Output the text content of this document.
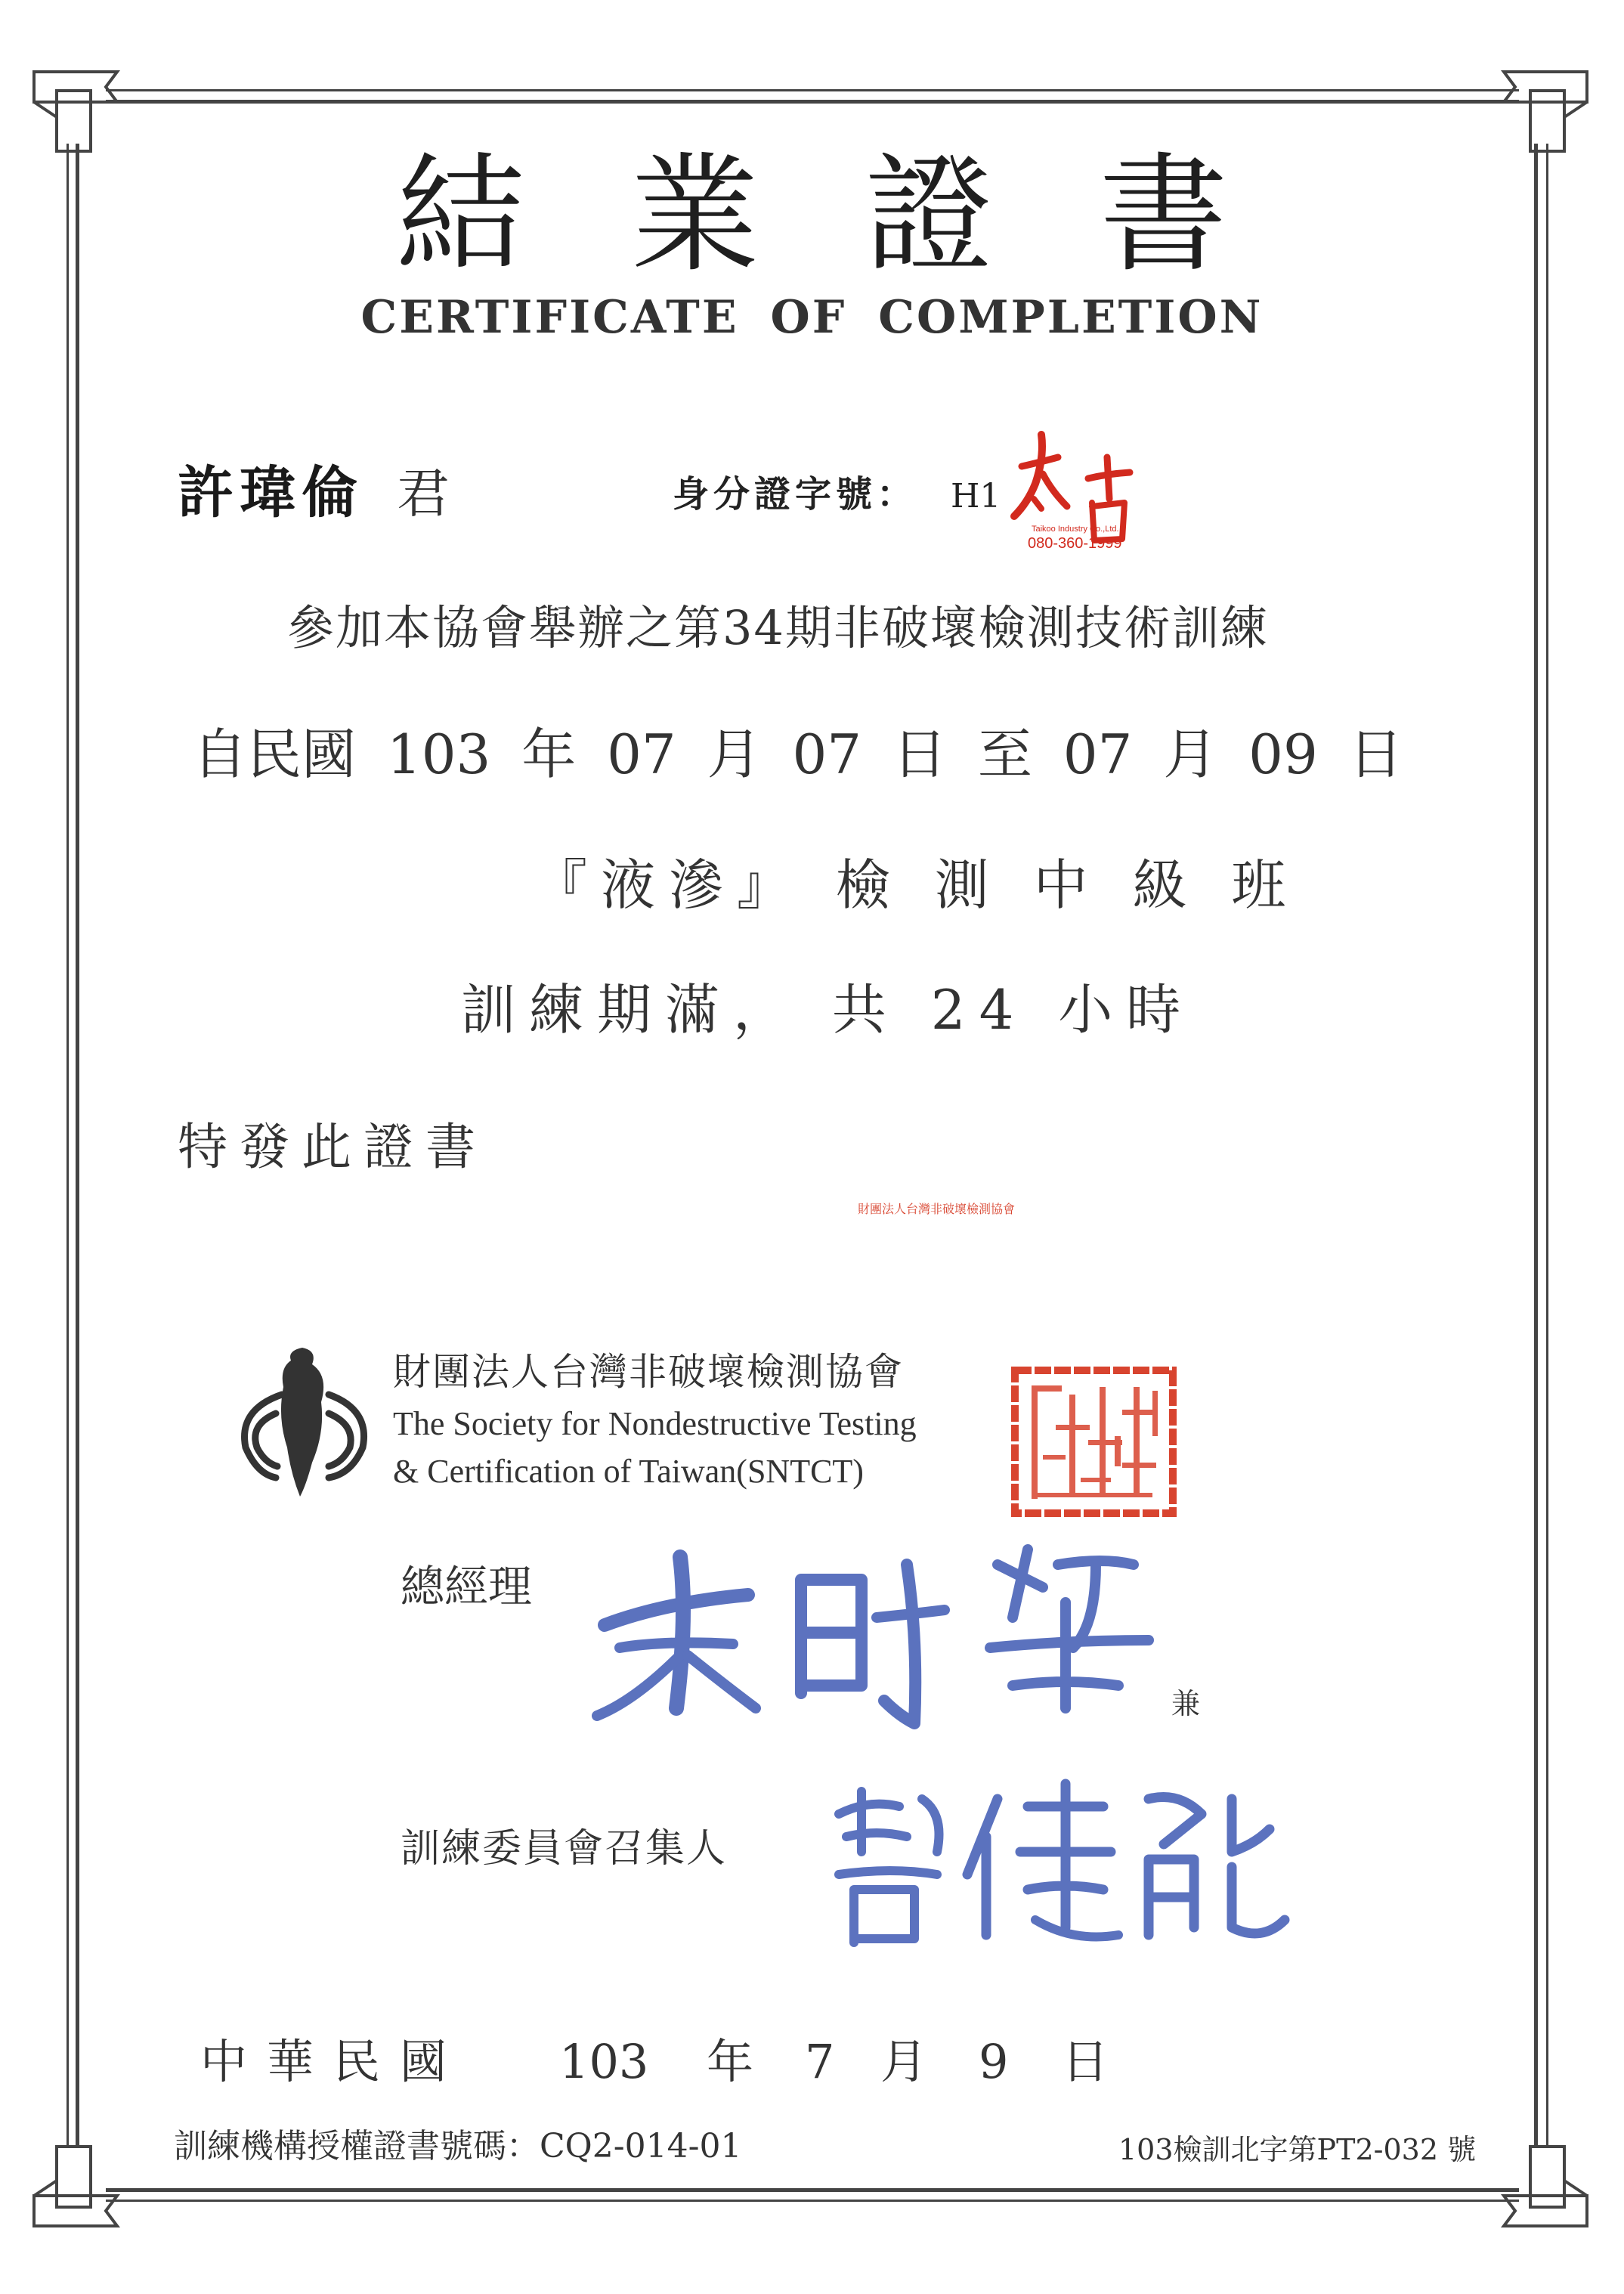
結業證書
CERTIFICATE OF COMPLETION
許瑋倫 君	身分證字號： H1
Taikoo Industry Co.,Ltd.
080-360-1999
參加本協會舉辦之第34期非破壞檢測技術訓練
自民國 103 年 07 月 07 日 至 07 月 09 日
『液滲』 檢 測 中 級 班
訓練期滿， 共 24 小時
特發此證書
財團法人台灣非破壞檢測協會
The Society for Nondestructive Testing
& Certification of Taiwan(SNTCT)
財團法人台灣非破壞檢測協會
總經理
兼
訓練委員會召集人
中華民國 103 年 7 月 9 日
訓練機構授權證書號碼：CQ2-014-01	103檢訓北字第PT2-032 號
